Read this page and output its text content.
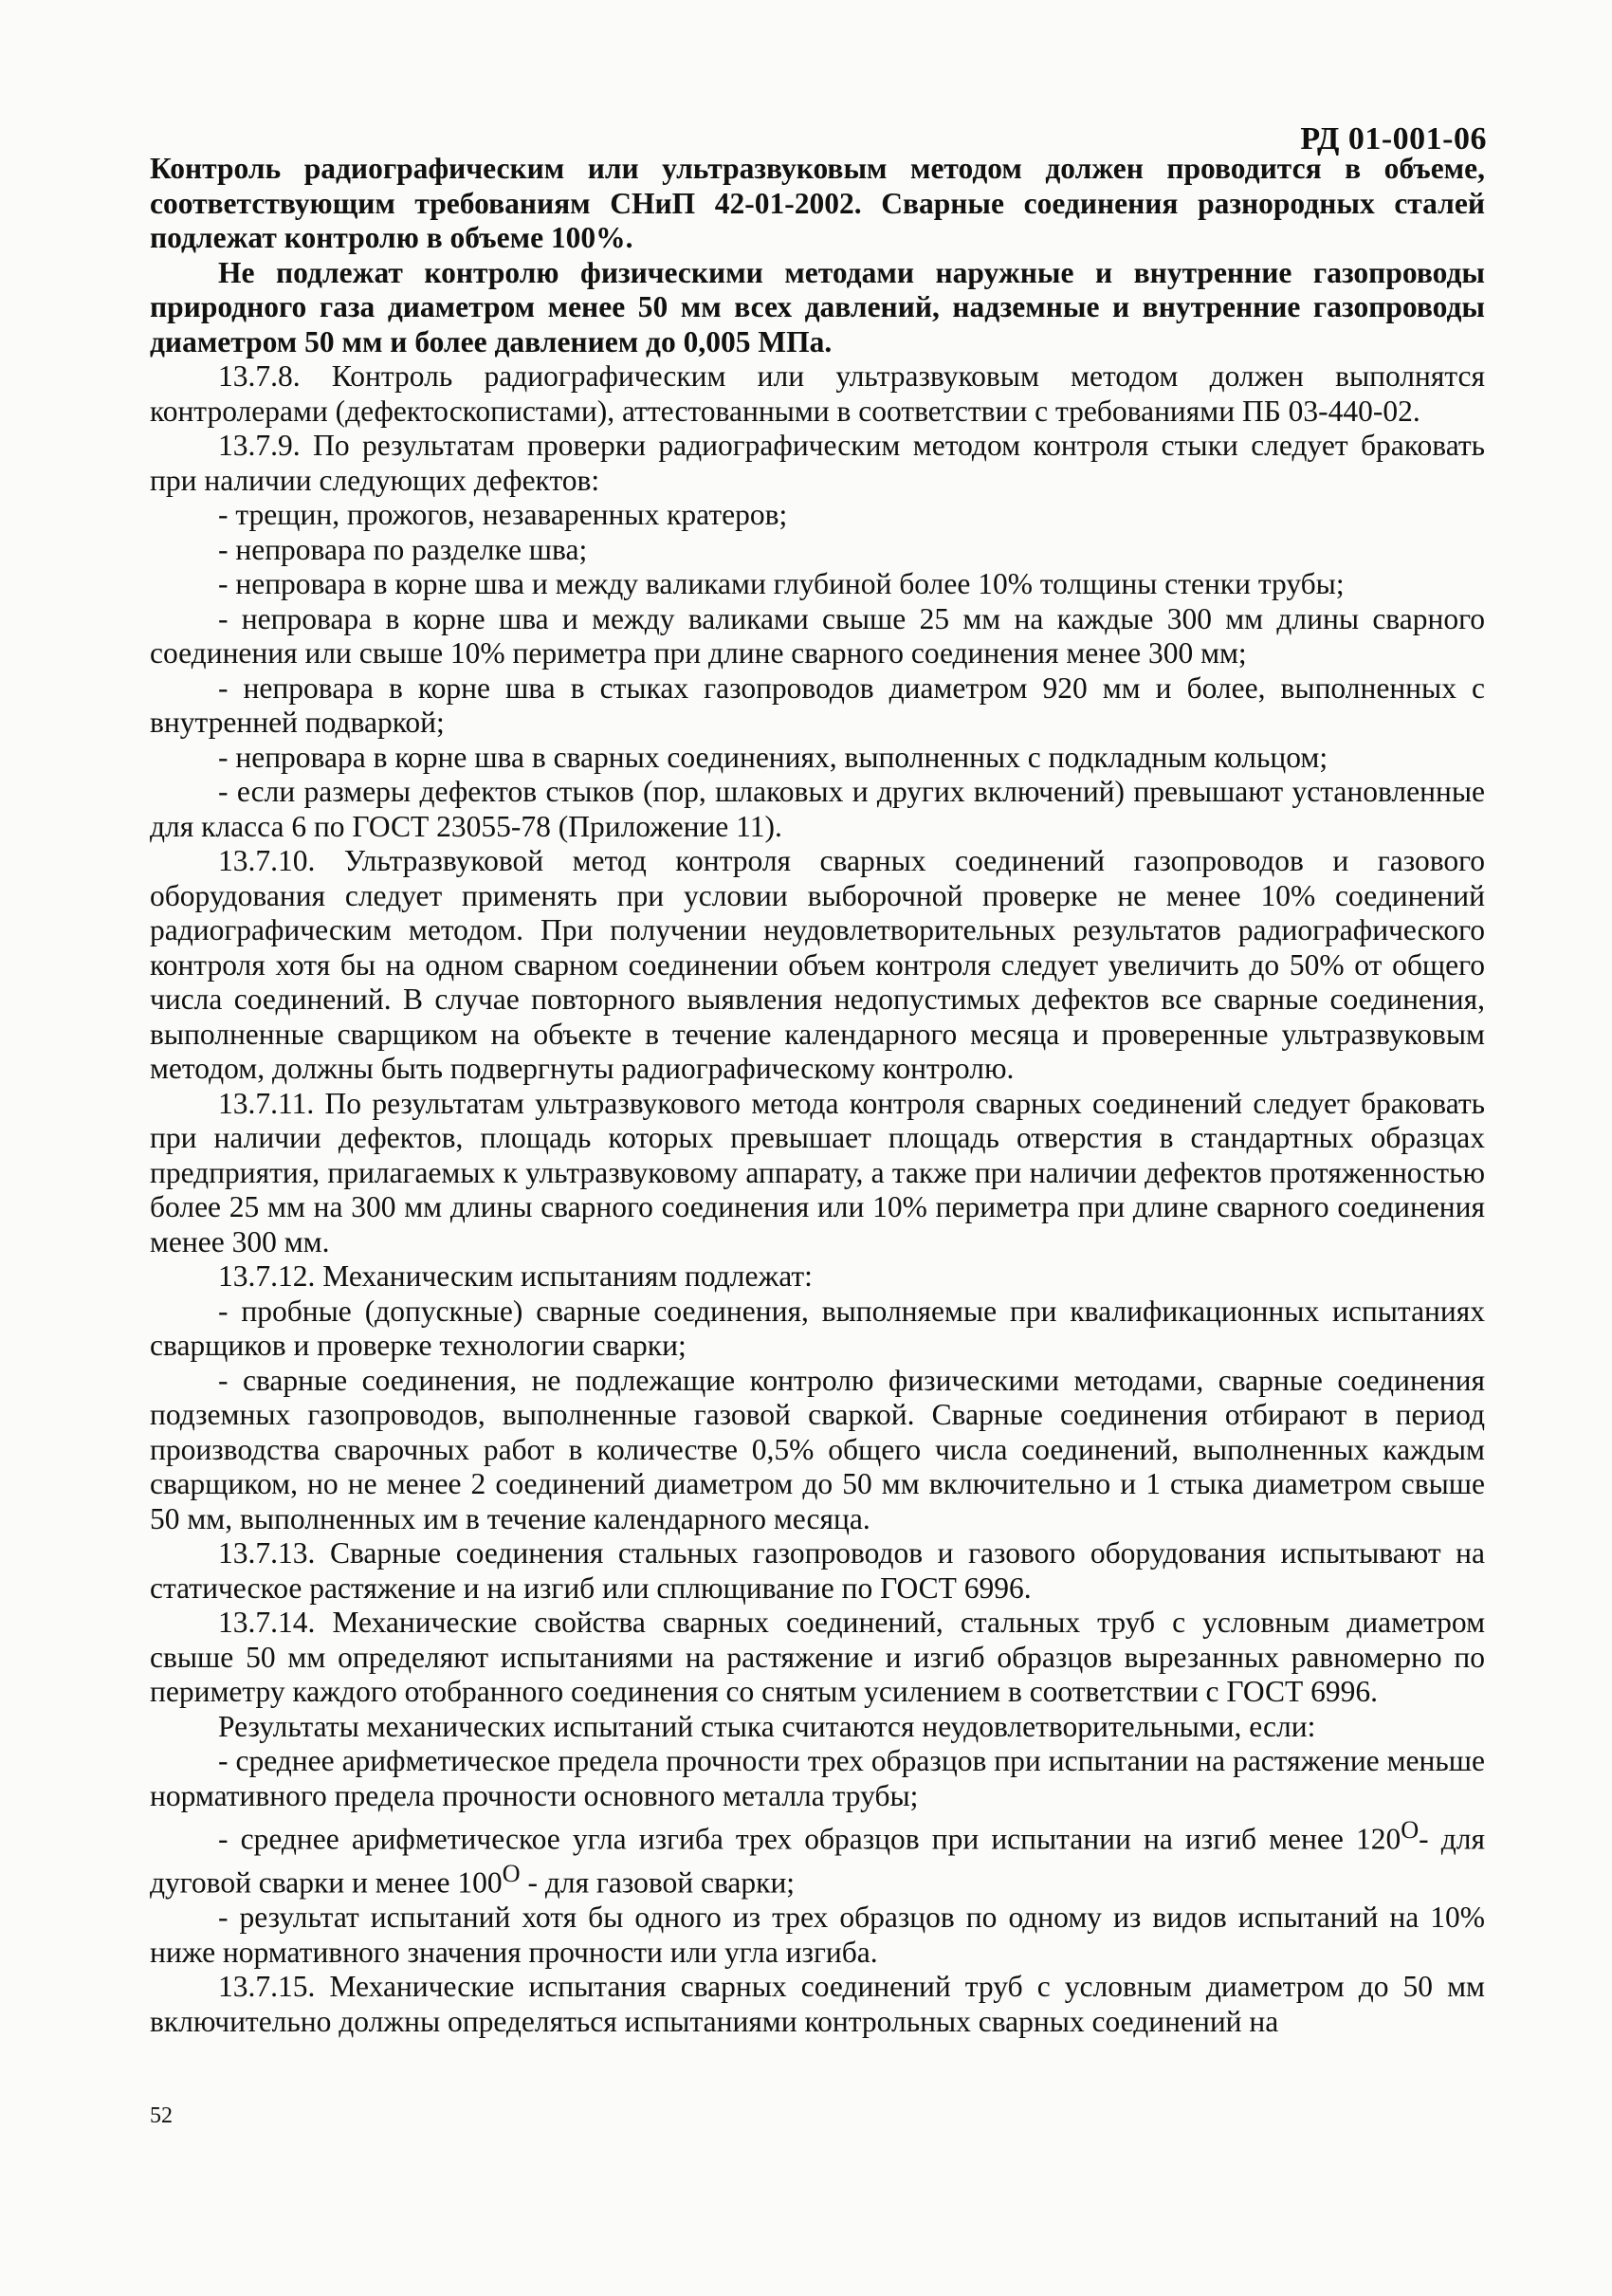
РД 01-001-06

Контроль радиографическим или ультразвуковым методом должен проводится в объеме, соответствующим требованиям СНиП 42-01-2002. Сварные соединения разнородных сталей подлежат контролю в объеме 100%.

Не подлежат контролю физическими методами наружные и внутренние газопроводы природного газа диаметром менее 50 мм всех давлений, надземные и внутренние газопроводы диаметром 50 мм и более давлением до 0,005 МПа.

13.7.8. Контроль радиографическим или ультразвуковым методом должен выполнятся контролерами (дефектоскопистами), аттестованными в соответствии с требованиями ПБ 03-440-02.

13.7.9. По результатам проверки радиографическим методом контроля стыки следует браковать при наличии следующих дефектов:

- трещин, прожогов, незаваренных кратеров;

- непровара по разделке шва;

- непровара в корне шва и между валиками глубиной более 10% толщины стенки трубы;

- непровара в корне шва и между валиками свыше 25 мм на каждые 300 мм длины сварного соединения или свыше 10% периметра при длине сварного соединения менее 300 мм;

- непровара в корне шва в стыках газопроводов диаметром 920 мм и более, выполненных с внутренней подваркой;

- непровара в корне шва в сварных соединениях, выполненных с подкладным кольцом;

- если размеры дефектов стыков (пор, шлаковых и других включений) превышают установленные для класса 6 по ГОСТ 23055-78 (Приложение 11).

13.7.10. Ультразвуковой метод контроля сварных соединений газопроводов и газового оборудования следует применять при условии выборочной проверке не менее 10% соединений радиографическим методом. При получении неудовлетворительных результатов радиографического контроля хотя бы на одном сварном соединении объем контроля следует увеличить до 50% от общего числа соединений. В случае повторного выявления недопустимых дефектов все сварные соединения, выполненные сварщиком на объекте в течение календарного месяца и проверенные ультразвуковым методом, должны быть подвергнуты радиографическому контролю.

13.7.11. По результатам ультразвукового метода контроля сварных соединений следует браковать при наличии дефектов, площадь которых превышает площадь отверстия в стандартных образцах предприятия, прилагаемых к ультразвуковому аппарату, а также при наличии дефектов протяженностью более 25 мм на 300 мм длины сварного соединения или 10% периметра при длине сварного соединения менее 300 мм.

13.7.12. Механическим испытаниям подлежат:

- пробные (допускные) сварные соединения, выполняемые при квалификационных испытаниях сварщиков и проверке технологии сварки;

- сварные соединения, не подлежащие контролю физическими методами, сварные соединения подземных газопроводов, выполненные газовой сваркой. Сварные соединения отбирают в период производства сварочных работ в количестве 0,5% общего числа соединений, выполненных каждым сварщиком, но не менее 2 соединений диаметром до 50 мм включительно и 1 стыка диаметром свыше 50 мм, выполненных им в течение календарного месяца.

13.7.13. Сварные соединения стальных газопроводов и газового оборудования испытывают на статическое растяжение и на изгиб или сплющивание по ГОСТ 6996.

13.7.14. Механические свойства сварных соединений, стальных труб с условным диаметром свыше 50 мм определяют испытаниями на растяжение и изгиб образцов вырезанных равномерно по периметру каждого отобранного соединения со снятым усилением в соответствии с ГОСТ 6996.

Результаты механических испытаний стыка считаются неудовлетворительными, если:

- среднее арифметическое предела прочности трех образцов при испытании на растяжение меньше нормативного предела прочности основного металла трубы;

- среднее арифметическое угла изгиба трех образцов при испытании на изгиб менее $120^O-$ для дуговой сварки и менее $100^O$ - для газовой сварки;

- результат испытаний хотя бы одного из трех образцов по одному из видов испытаний на 10% ниже нормативного значения прочности или угла изгиба.

13.7.15. Механические испытания сварных соединений труб с условным диаметром до 50 мм включительно должны определяться испытаниями контрольных сварных соединений на

52
